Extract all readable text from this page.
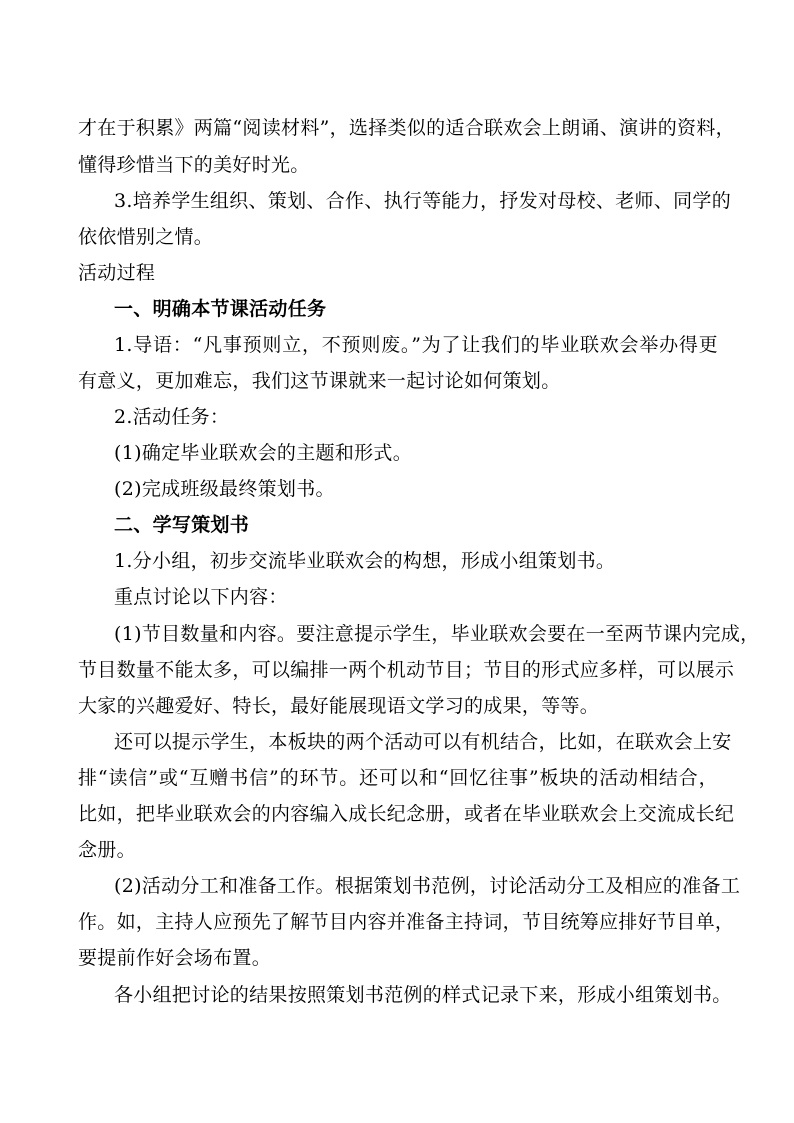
才在于积累》两篇“阅读材料”，选择类似的适合联欢会上朗诵、演讲的资料，
懂得珍惜当下的美好时光。
3.培养学生组织、策划、合作、执行等能力，抒发对母校、老师、同学的
依依惜别之情。
活动过程
一、明确本节课活动任务
1.导语：“凡事预则立，不预则废。”为了让我们的毕业联欢会举办得更
有意义，更加难忘，我们这节课就来一起讨论如何策划。
2.活动任务：
(1)确定毕业联欢会的主题和形式。
(2)完成班级最终策划书。
二、学写策划书
1.分小组，初步交流毕业联欢会的构想，形成小组策划书。
重点讨论以下内容：
(1)节目数量和内容。要注意提示学生，毕业联欢会要在一至两节课内完成，
节目数量不能太多，可以编排一两个机动节目；节目的形式应多样，可以展示
大家的兴趣爱好、特长，最好能展现语文学习的成果，等等。
还可以提示学生，本板块的两个活动可以有机结合，比如，在联欢会上安
排“读信”或“互赠书信”的环节。还可以和“回忆往事”板块的活动相结合，
比如，把毕业联欢会的内容编入成长纪念册，或者在毕业联欢会上交流成长纪
念册。
(2)活动分工和准备工作。根据策划书范例，讨论活动分工及相应的准备工
作。如，主持人应预先了解节目内容并准备主持词，节目统筹应排好节目单，
要提前作好会场布置。
各小组把讨论的结果按照策划书范例的样式记录下来，形成小组策划书。
